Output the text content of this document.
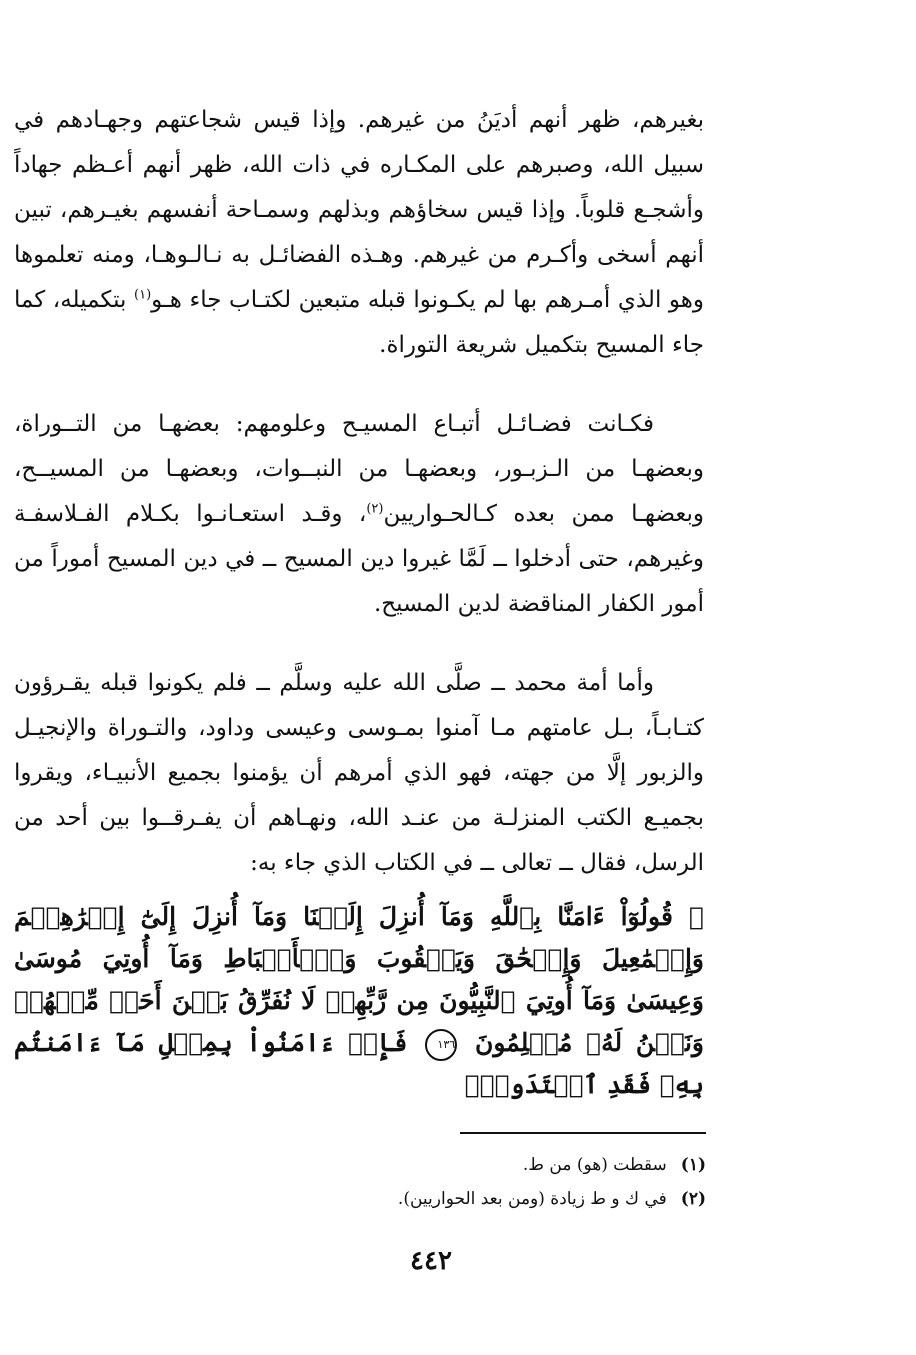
بغيرهم، ظهر أنهم أديَنُ من غيرهم. وإذا قيس شجاعتهم وجهـادهم في سبيل الله، وصبرهم على المكـاره في ذات الله، ظهر أنهم أعـظم جهاداً وأشجـع قلوباً. وإذا قيس سخاؤهم وبذلهم وسمـاحة أنفسهم بغيـرهم، تبين أنهم أسخى وأكـرم من غيرهم. وهـذه الفضائـل به نـالـوهـا، ومنه تعلموها وهو الذي أمـرهم بها لم يكـونوا قبله متبعين لكتـاب جاء هـو$^{(١)}$ بتكميله، كما جاء المسيح بتكميل شريعة التوراة.

فكـانت فضـائـل أتبـاع المسيـح وعلومهم: بعضهـا من التــوراة، وبعضهـا من الـزبـور، وبعضهـا من النبــوات، وبعضهـا من المسيــح، وبعضهـا ممن بعده كـالحـواريين$^{(٢)}$، وقـد استعـانـوا بكـلام الفـلاسفـة وغيرهم، حتى أدخلوا ــ لَمَّا غيروا دين المسيح ــ في دين المسيح أموراً من أمور الكفار المناقضة لدين المسيح.

وأما أمة محمد ــ صلَّى الله عليه وسلَّم ــ فلم يكونوا قبله يقـرؤون كتـابـاً، بـل عامتهم مـا آمنوا بمـوسى وعيسى وداود، والتـوراة والإنجيـل والزبور إلَّا من جهته، فهو الذي أمرهم أن يؤمنوا بجميع الأنبيـاء، ويقروا بجميـع الكتب المنزلـة من عنـد الله، ونهـاهم أن يفـرقــوا بين أحد من الرسل، فقال ــ تعالى ــ في الكتاب الذي جاء به:

﴿ قُولُوٓاْ ءَامَنَّا بِٱللَّهِ وَمَآ أُنزِلَ إِلَيۡنَا وَمَآ أُنزِلَ إِلَىٰٓ إِبۡرَٰهِـۧمَ وَإِسۡمَٰعِيلَ وَإِسۡحَٰقَ وَيَعۡقُوبَ وَٱلۡأَسۡبَاطِ وَمَآ أُوتِيَ مُوسَىٰ وَعِيسَىٰ وَمَآ أُوتِيَ ٱلنَّبِيُّونَ مِن رَّبِّهِمۡ لَا نُفَرِّقُ بَيۡنَ أَحَدٖ مِّنۡهُمۡ وَنَحۡنُ لَهُۥ مُسۡلِمُونَ ١٣٦ فَإِنۡ ءَامَنُواْ بِمِثۡلِ مَآ ءَامَنتُم بِهِۦ فَقَدِ ٱهۡتَدَواْۖ

(١)سقطت (هو) من ط.
(٢)في ك و ط زيادة (ومن بعد الحواريين).
٤٤٢
